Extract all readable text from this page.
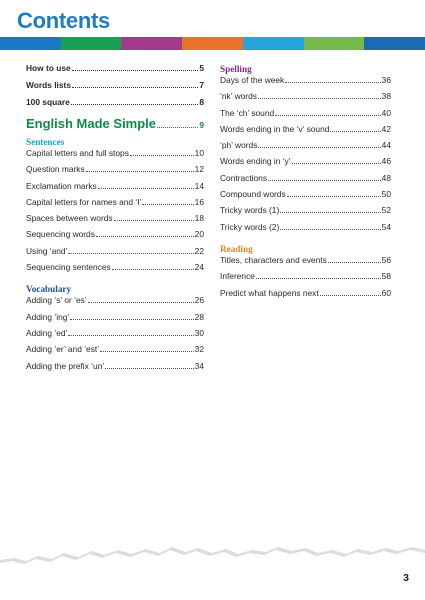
Contents
How to use	5
Words lists	7
100 square	8
English Made Simple	9
Sentences
Capital letters and full stops	10
Question marks	12
Exclamation marks	14
Capital letters for names and ‘I’	16
Spaces between words	18
Sequencing words	20
Using ‘and’	22
Sequencing sentences	24
Vocabulary
Adding ‘s’ or ‘es’	26
Adding ‘ing’	28
Adding ‘ed’	30
Adding ‘er’ and ‘est’	32
Adding the prefix ‘un’	34
Spelling
Days of the week	36
‘nk’ words	38
The ‘ch’ sound	40
Words ending in the ‘v’ sound	42
‘ph’ words	44
Words ending in ‘y’	46
Contractions	48
Compound words	50
Tricky words (1)	52
Tricky words (2)	54
Reading
Titles, characters and events	56
Inference	58
Predict what happens next	60
3
